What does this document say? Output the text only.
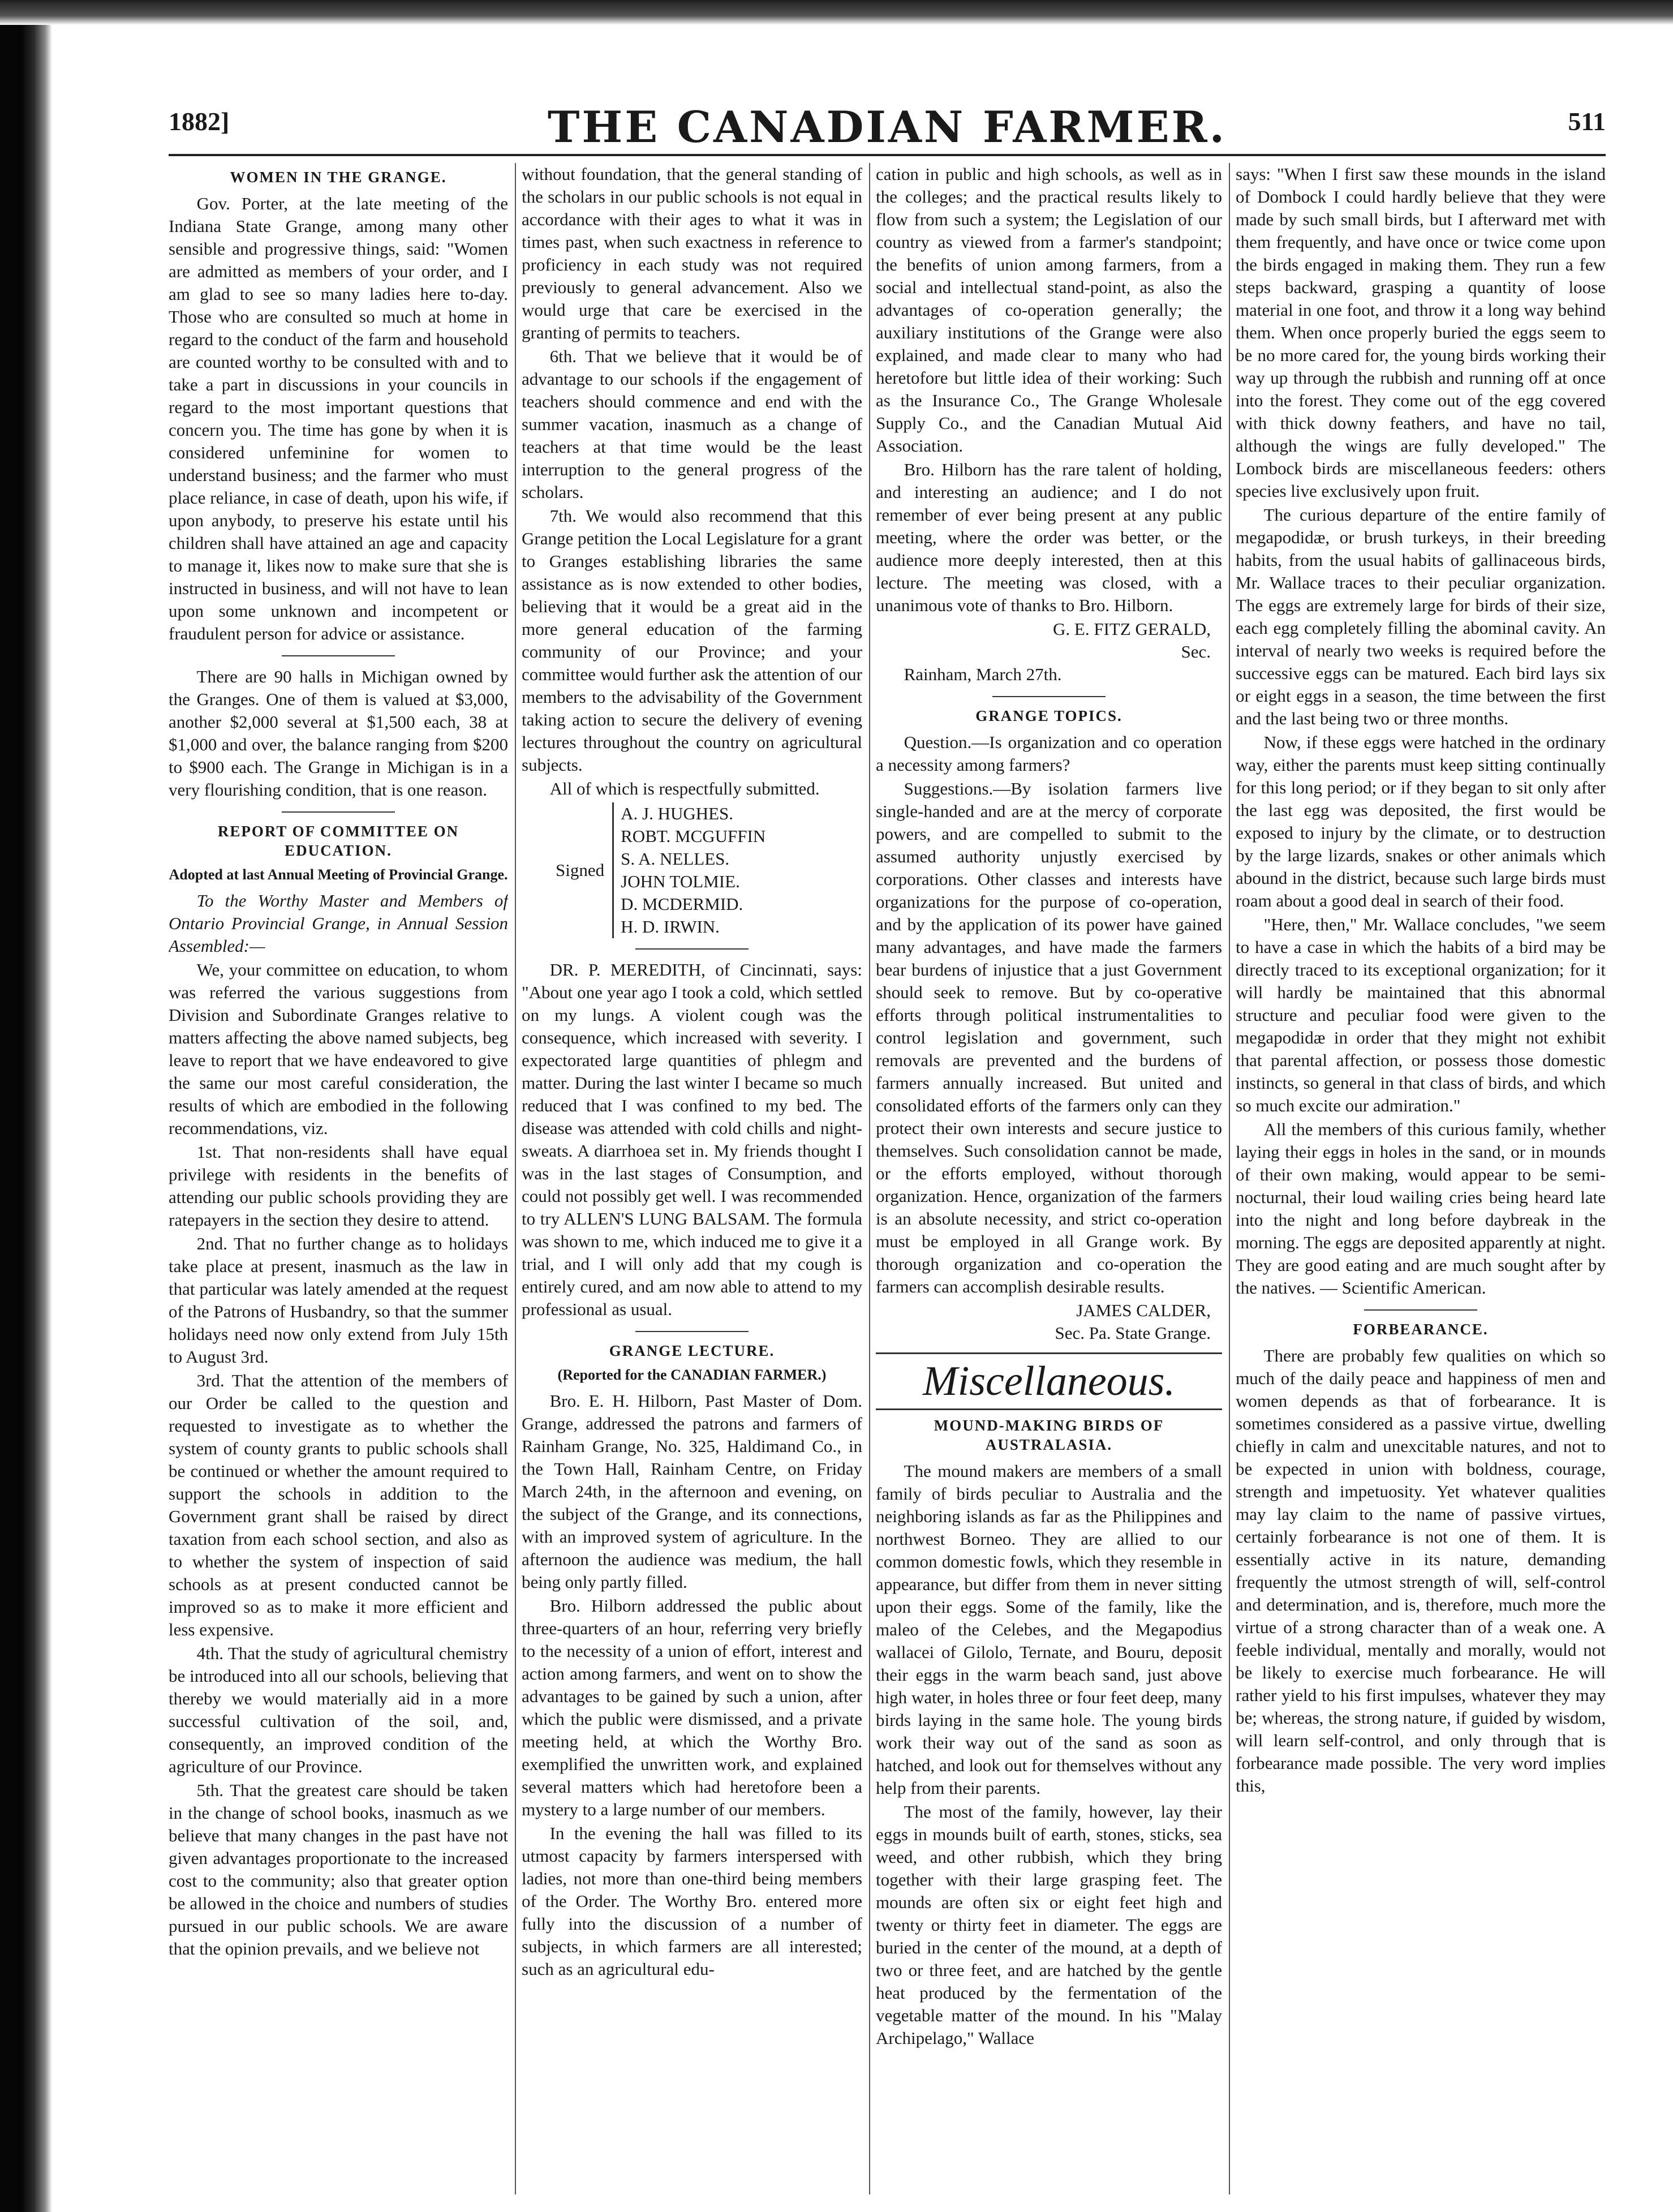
1882]	THE CANADIAN FARMER.	511
WOMEN IN THE GRANGE.

Gov. Porter, at the late meeting of the Indiana State Grange, among many other sensible and progressive things, said: "Women are admitted as members of your order, and I am glad to see so many ladies here to-day. Those who are consulted so much at home in regard to the conduct of the farm and household are counted worthy to be consulted with and to take a part in discussions in your councils in regard to the most important questions that concern you. The time has gone by when it is considered unfeminine for women to understand business; and the farmer who must place reliance, in case of death, upon his wife, if upon anybody, to preserve his estate until his children shall have attained an age and capacity to manage it, likes now to make sure that she is instructed in business, and will not have to lean upon some unknown and incompetent or fraudulent person for advice or assistance.

There are 90 halls in Michigan owned by the Granges. One of them is valued at $3,000, another $2,000 several at $1,500 each, 38 at $1,000 and over, the balance ranging from $200 to $900 each. The Grange in Michigan is in a very flourishing condition, that is one reason.

REPORT OF COMMITTEE ON EDUCATION.
Adopted at last Annual Meeting of Provincial Grange.

To the Worthy Master and Members of Ontario Provincial Grange, in Annual Session Assembled:—

We, your committee on education, to whom was referred the various suggestions from Division and Subordinate Granges relative to matters affecting the above named subjects, beg leave to report that we have endeavored to give the same our most careful consideration, the results of which are embodied in the following recommendations, viz.

1st. That non-residents shall have equal privilege with residents in the benefits of attending our public schools providing they are ratepayers in the section they desire to attend.

2nd. That no further change as to holidays take place at present, inasmuch as the law in that particular was lately amended at the request of the Patrons of Husbandry, so that the summer holidays need now only extend from July 15th to August 3rd.

3rd. That the attention of the members of our Order be called to the question and requested to investigate as to whether the system of county grants to public schools shall be continued or whether the amount required to support the schools in addition to the Government grant shall be raised by direct taxation from each school section, and also as to whether the system of inspection of said schools as at present conducted cannot be improved so as to make it more efficient and less expensive.

4th. That the study of agricultural chemistry be introduced into all our schools, believing that thereby we would materially aid in a more successful cultivation of the soil, and, consequently, an improved condition of the agriculture of our Province.

5th. That the greatest care should be taken in the change of school books, inasmuch as we believe that many changes in the past have not given advantages proportionate to the increased cost to the community; also that greater option be allowed in the choice and numbers of studies pursued in our public schools. We are aware that the opinion prevails, and we believe not

without foundation, that the general standing of the scholars in our public schools is not equal in accordance with their ages to what it was in times past, when such exactness in reference to proficiency in each study was not required previously to general advancement. Also we would urge that care be exercised in the granting of permits to teachers.

6th. That we believe that it would be of advantage to our schools if the engagement of teachers should commence and end with the summer vacation, inasmuch as a change of teachers at that time would be the least interruption to the general progress of the scholars.

7th. We would also recommend that this Grange petition the Local Legislature for a grant to Granges establishing libraries the same assistance as is now extended to other bodies, believing that it would be a great aid in the more general education of the farming community of our Province; and your committee would further ask the attention of our members to the advisability of the Government taking action to secure the delivery of evening lectures throughout the country on agricultural subjects.

All of which is respectfully submitted.

Signed
A. J. HUGHES.
ROBT. MCGUFFIN
S. A. NELLES.
JOHN TOLMIE.
D. MCDERMID.
H. D. IRWIN.

DR. P. MEREDITH, of Cincinnati, says: "About one year ago I took a cold, which settled on my lungs. A violent cough was the consequence, which increased with severity. I expectorated large quantities of phlegm and matter. During the last winter I became so much reduced that I was confined to my bed. The disease was attended with cold chills and night-sweats. A diarrhoea set in. My friends thought I was in the last stages of Consumption, and could not possibly get well. I was recommended to try ALLEN'S LUNG BALSAM. The formula was shown to me, which induced me to give it a trial, and I will only add that my cough is entirely cured, and am now able to attend to my professional as usual.

GRANGE LECTURE.
(Reported for the CANADIAN FARMER.)

Bro. E. H. Hilborn, Past Master of Dom. Grange, addressed the patrons and farmers of Rainham Grange, No. 325, Haldimand Co., in the Town Hall, Rainham Centre, on Friday March 24th, in the afternoon and evening, on the subject of the Grange, and its connections, with an improved system of agriculture. In the afternoon the audience was medium, the hall being only partly filled.

Bro. Hilborn addressed the public about three-quarters of an hour, referring very briefly to the necessity of a union of effort, interest and action among farmers, and went on to show the advantages to be gained by such a union, after which the public were dismissed, and a private meeting held, at which the Worthy Bro. exemplified the unwritten work, and explained several matters which had heretofore been a mystery to a large number of our members.

In the evening the hall was filled to its utmost capacity by farmers interspersed with ladies, not more than one-third being members of the Order. The Worthy Bro. entered more fully into the discussion of a number of subjects, in which farmers are all interested; such as an agricultural edu-

cation in public and high schools, as well as in the colleges; and the practical results likely to flow from such a system; the Legislation of our country as viewed from a farmer's standpoint; the benefits of union among farmers, from a social and intellectual stand-point, as also the advantages of co-operation generally; the auxiliary institutions of the Grange were also explained, and made clear to many who had heretofore but little idea of their working: Such as the Insurance Co., The Grange Wholesale Supply Co., and the Canadian Mutual Aid Association.

Bro. Hilborn has the rare talent of holding, and interesting an audience; and I do not remember of ever being present at any public meeting, where the order was better, or the audience more deeply interested, then at this lecture. The meeting was closed, with a unanimous vote of thanks to Bro. Hilborn.

G. E. FITZ GERALD,
Sec.

Rainham, March 27th.

GRANGE TOPICS.

Question.—Is organization and co operation a necessity among farmers?

Suggestions.—By isolation farmers live single-handed and are at the mercy of corporate powers, and are compelled to submit to the assumed authority unjustly exercised by corporations. Other classes and interests have organizations for the purpose of co-operation, and by the application of its power have gained many advantages, and have made the farmers bear burdens of injustice that a just Government should seek to remove. But by co-operative efforts through political instrumentalities to control legislation and government, such removals are prevented and the burdens of farmers annually increased. But united and consolidated efforts of the farmers only can they protect their own interests and secure justice to themselves. Such consolidation cannot be made, or the efforts employed, without thorough organization. Hence, organization of the farmers is an absolute necessity, and strict co-operation must be employed in all Grange work. By thorough organization and co-operation the farmers can accomplish desirable results.

JAMES CALDER,
Sec. Pa. State Grange.
Miscellaneous.
MOUND-MAKING BIRDS OF AUSTRALASIA.

The mound makers are members of a small family of birds peculiar to Australia and the neighboring islands as far as the Philippines and northwest Borneo. They are allied to our common domestic fowls, which they resemble in appearance, but differ from them in never sitting upon their eggs. Some of the family, like the maleo of the Celebes, and the Megapodius wallacei of Gilolo, Ternate, and Bouru, deposit their eggs in the warm beach sand, just above high water, in holes three or four feet deep, many birds laying in the same hole. The young birds work their way out of the sand as soon as hatched, and look out for themselves without any help from their parents.

The most of the family, however, lay their eggs in mounds built of earth, stones, sticks, sea weed, and other rubbish, which they bring together with their large grasping feet. The mounds are often six or eight feet high and twenty or thirty feet in diameter. The eggs are buried in the center of the mound, at a depth of two or three feet, and are hatched by the gentle heat produced by the fermentation of the vegetable matter of the mound. In his "Malay Archipelago," Wallace

says: "When I first saw these mounds in the island of Dombock I could hardly believe that they were made by such small birds, but I afterward met with them frequently, and have once or twice come upon the birds engaged in making them. They run a few steps backward, grasping a quantity of loose material in one foot, and throw it a long way behind them. When once properly buried the eggs seem to be no more cared for, the young birds working their way up through the rubbish and running off at once into the forest. They come out of the egg covered with thick downy feathers, and have no tail, although the wings are fully developed." The Lombock birds are miscellaneous feeders: others species live exclusively upon fruit.

The curious departure of the entire family of megapodidæ, or brush turkeys, in their breeding habits, from the usual habits of gallinaceous birds, Mr. Wallace traces to their peculiar organization. The eggs are extremely large for birds of their size, each egg completely filling the abominal cavity. An interval of nearly two weeks is required before the successive eggs can be matured. Each bird lays six or eight eggs in a season, the time between the first and the last being two or three months.

Now, if these eggs were hatched in the ordinary way, either the parents must keep sitting continually for this long period; or if they began to sit only after the last egg was deposited, the first would be exposed to injury by the climate, or to destruction by the large lizards, snakes or other animals which abound in the district, because such large birds must roam about a good deal in search of their food.

"Here, then," Mr. Wallace concludes, "we seem to have a case in which the habits of a bird may be directly traced to its exceptional organization; for it will hardly be maintained that this abnormal structure and peculiar food were given to the megapodidæ in order that they might not exhibit that parental affection, or possess those domestic instincts, so general in that class of birds, and which so much excite our admiration."

All the members of this curious family, whether laying their eggs in holes in the sand, or in mounds of their own making, would appear to be semi-nocturnal, their loud wailing cries being heard late into the night and long before daybreak in the morning. The eggs are deposited apparently at night. They are good eating and are much sought after by the natives. — Scientific American.

FORBEARANCE.

There are probably few qualities on which so much of the daily peace and happiness of men and women depends as that of forbearance. It is sometimes considered as a passive virtue, dwelling chiefly in calm and unexcitable natures, and not to be expected in union with boldness, courage, strength and impetuosity. Yet whatever qualities may lay claim to the name of passive virtues, certainly forbearance is not one of them. It is essentially active in its nature, demanding frequently the utmost strength of will, self-control and determination, and is, therefore, much more the virtue of a strong character than of a weak one. A feeble individual, mentally and morally, would not be likely to exercise much forbearance. He will rather yield to his first impulses, whatever they may be; whereas, the strong nature, if guided by wisdom, will learn self-control, and only through that is forbearance made possible. The very word implies this,
